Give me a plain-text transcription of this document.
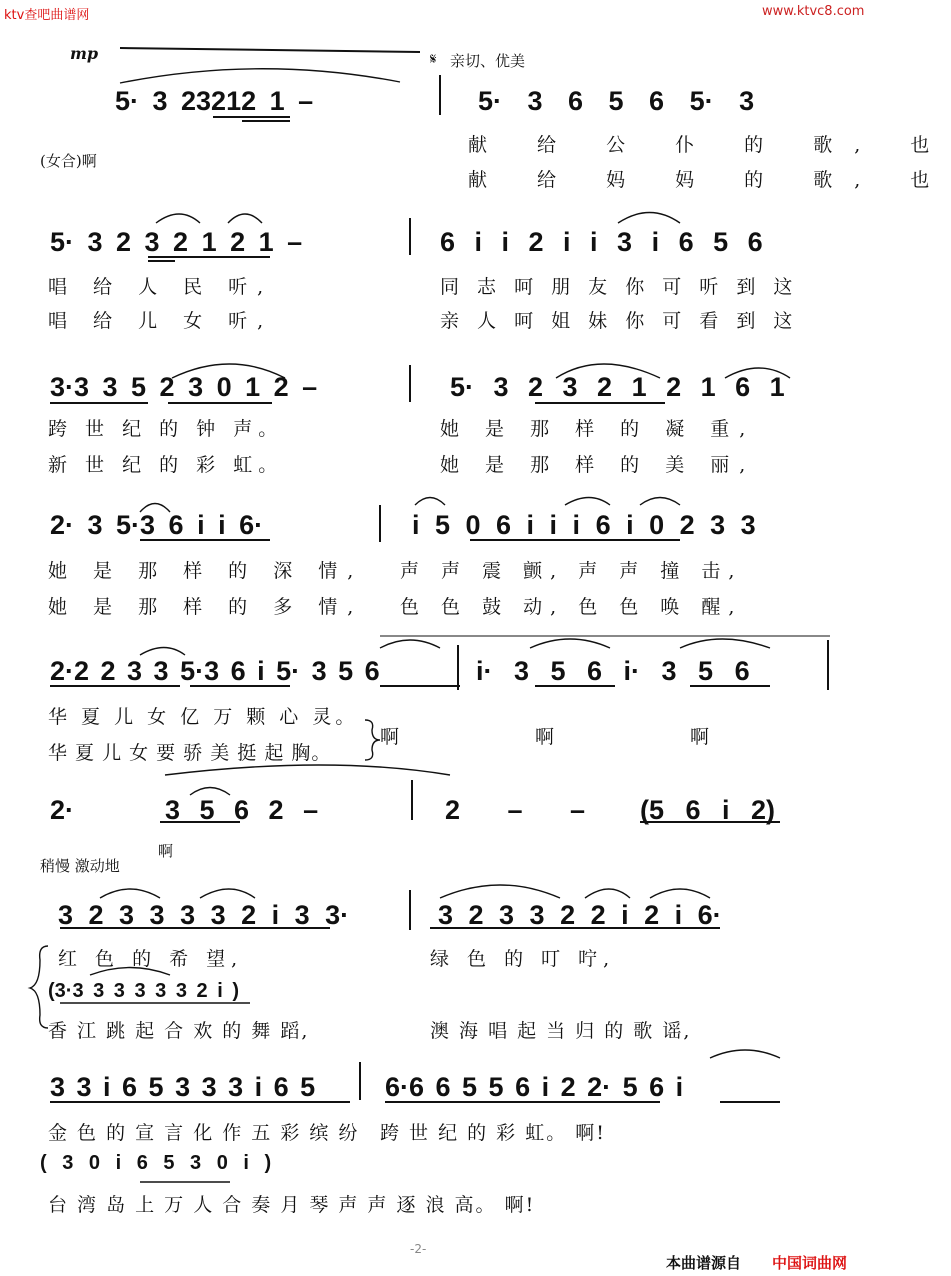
ktv查吧曲谱网	www.ktvc8.com
mp	𝄋 亲切、优美
5· 3 23212 1 –	5· 3 6 5 6 5· 3
(女合)啊
献 给 公 仆 的 歌, 也
献 给 妈 妈 的 歌, 也
5· 3 2 3 2 1 2 1 –	6 i i 2 i i 3 i 6 5 6
唱 给 人 民 听,	同 志 呵 朋 友 你 可 听 到 这
唱 给 儿 女 听,	亲 人 呵 姐 妹 你 可 看 到 这
3·3 3 5 2 3 0 1 2 –	5· 3 2 3 2 1 2 1 6 1
跨 世 纪 的 钟 声。	她 是 那 样 的 凝 重,
新 世 纪 的 彩 虹。	她 是 那 样 的 美 丽,
2· 3 5·3 6 i i 6·	i 5 0 6 i i i 6 i 0 2 3 3
她 是 那 样 的 深 情, 声 声 震 颤, 声 声 撞 击,
她 是 那 样 的 多 情, 色 色 鼓 动, 色 色 唤 醒,
2·2 2 3 3 5·3 6 i 5· 3 5 6	i· 3 5 6 i· 3 5 6
华 夏 儿 女 亿 万 颗 心 灵。
华 夏 儿 女 要 骄 美 挺 起 胸。
啊	啊	啊
2·	3 5 6 2 –	2 – – (5 6 i 2)
稍慢 激动地
啊
3 2 3 3 3 3 2 i 3 3·	3 2 3 3 2 2 i 2 i 6·
红 色 的 希 望,	绿 色 的 叮 咛,
(3·3 3 3 3 3 3 2 i )
香 江 跳 起 合 欢 的 舞 蹈,	澳 海 唱 起 当 归 的 歌 谣,
3 3 i 6 5 3 3 3 i 6 5	6·6 6 5 5 6 i 2 2· 5 6 i
金 色 的 宣 言 化 作 五 彩 缤 纷 跨 世 纪 的 彩 虹。 啊!
( 3 0 i 6 5 3 0 i )
台 湾 岛 上 万 人 合 奏 月 琴 声 声 逐 浪 高。 啊!
-2-
本曲谱源自 中国词曲网
